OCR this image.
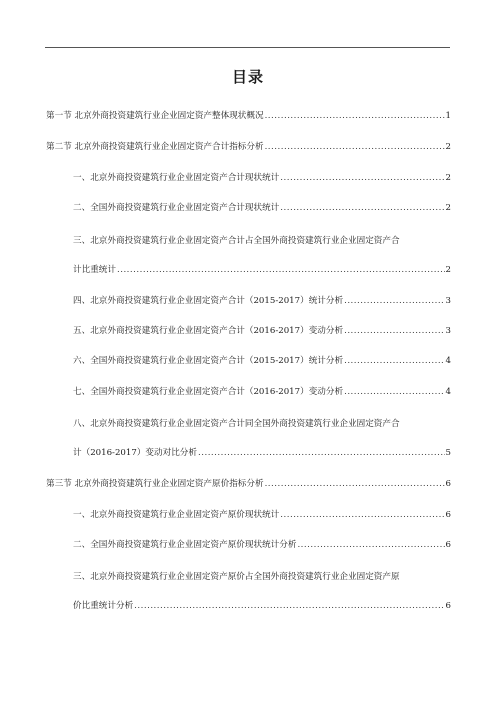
目录
第一节 北京外商投资建筑行业企业固定资产整体现状概况 .....	1
第二节 北京外商投资建筑行业企业固定资产合计指标分析 .....	2
一、北京外商投资建筑行业企业固定资产合计现状统计 .....	2
二、全国外商投资建筑行业企业固定资产合计现状统计 .....	2
三、北京外商投资建筑行业企业固定资产合计占全国外商投资建筑行业企业固定资产合
计比重统计 .....	2
四、北京外商投资建筑行业企业固定资产合计（2015-2017）统计分析 .....	3
五、北京外商投资建筑行业企业固定资产合计（2016-2017）变动分析 .....	3
六、全国外商投资建筑行业企业固定资产合计（2015-2017）统计分析 .....	4
七、全国外商投资建筑行业企业固定资产合计（2016-2017）变动分析 .....	4
八、北京外商投资建筑行业企业固定资产合计同全国外商投资建筑行业企业固定资产合
计（2016-2017）变动对比分析 .....	5
第三节 北京外商投资建筑行业企业固定资产原价指标分析 .....	6
一、北京外商投资建筑行业企业固定资产原价现状统计 .....	6
二、全国外商投资建筑行业企业固定资产原价现状统计分析 .....	6
三、北京外商投资建筑行业企业固定资产原价占全国外商投资建筑行业企业固定资产原
价比重统计分析 .....	6
